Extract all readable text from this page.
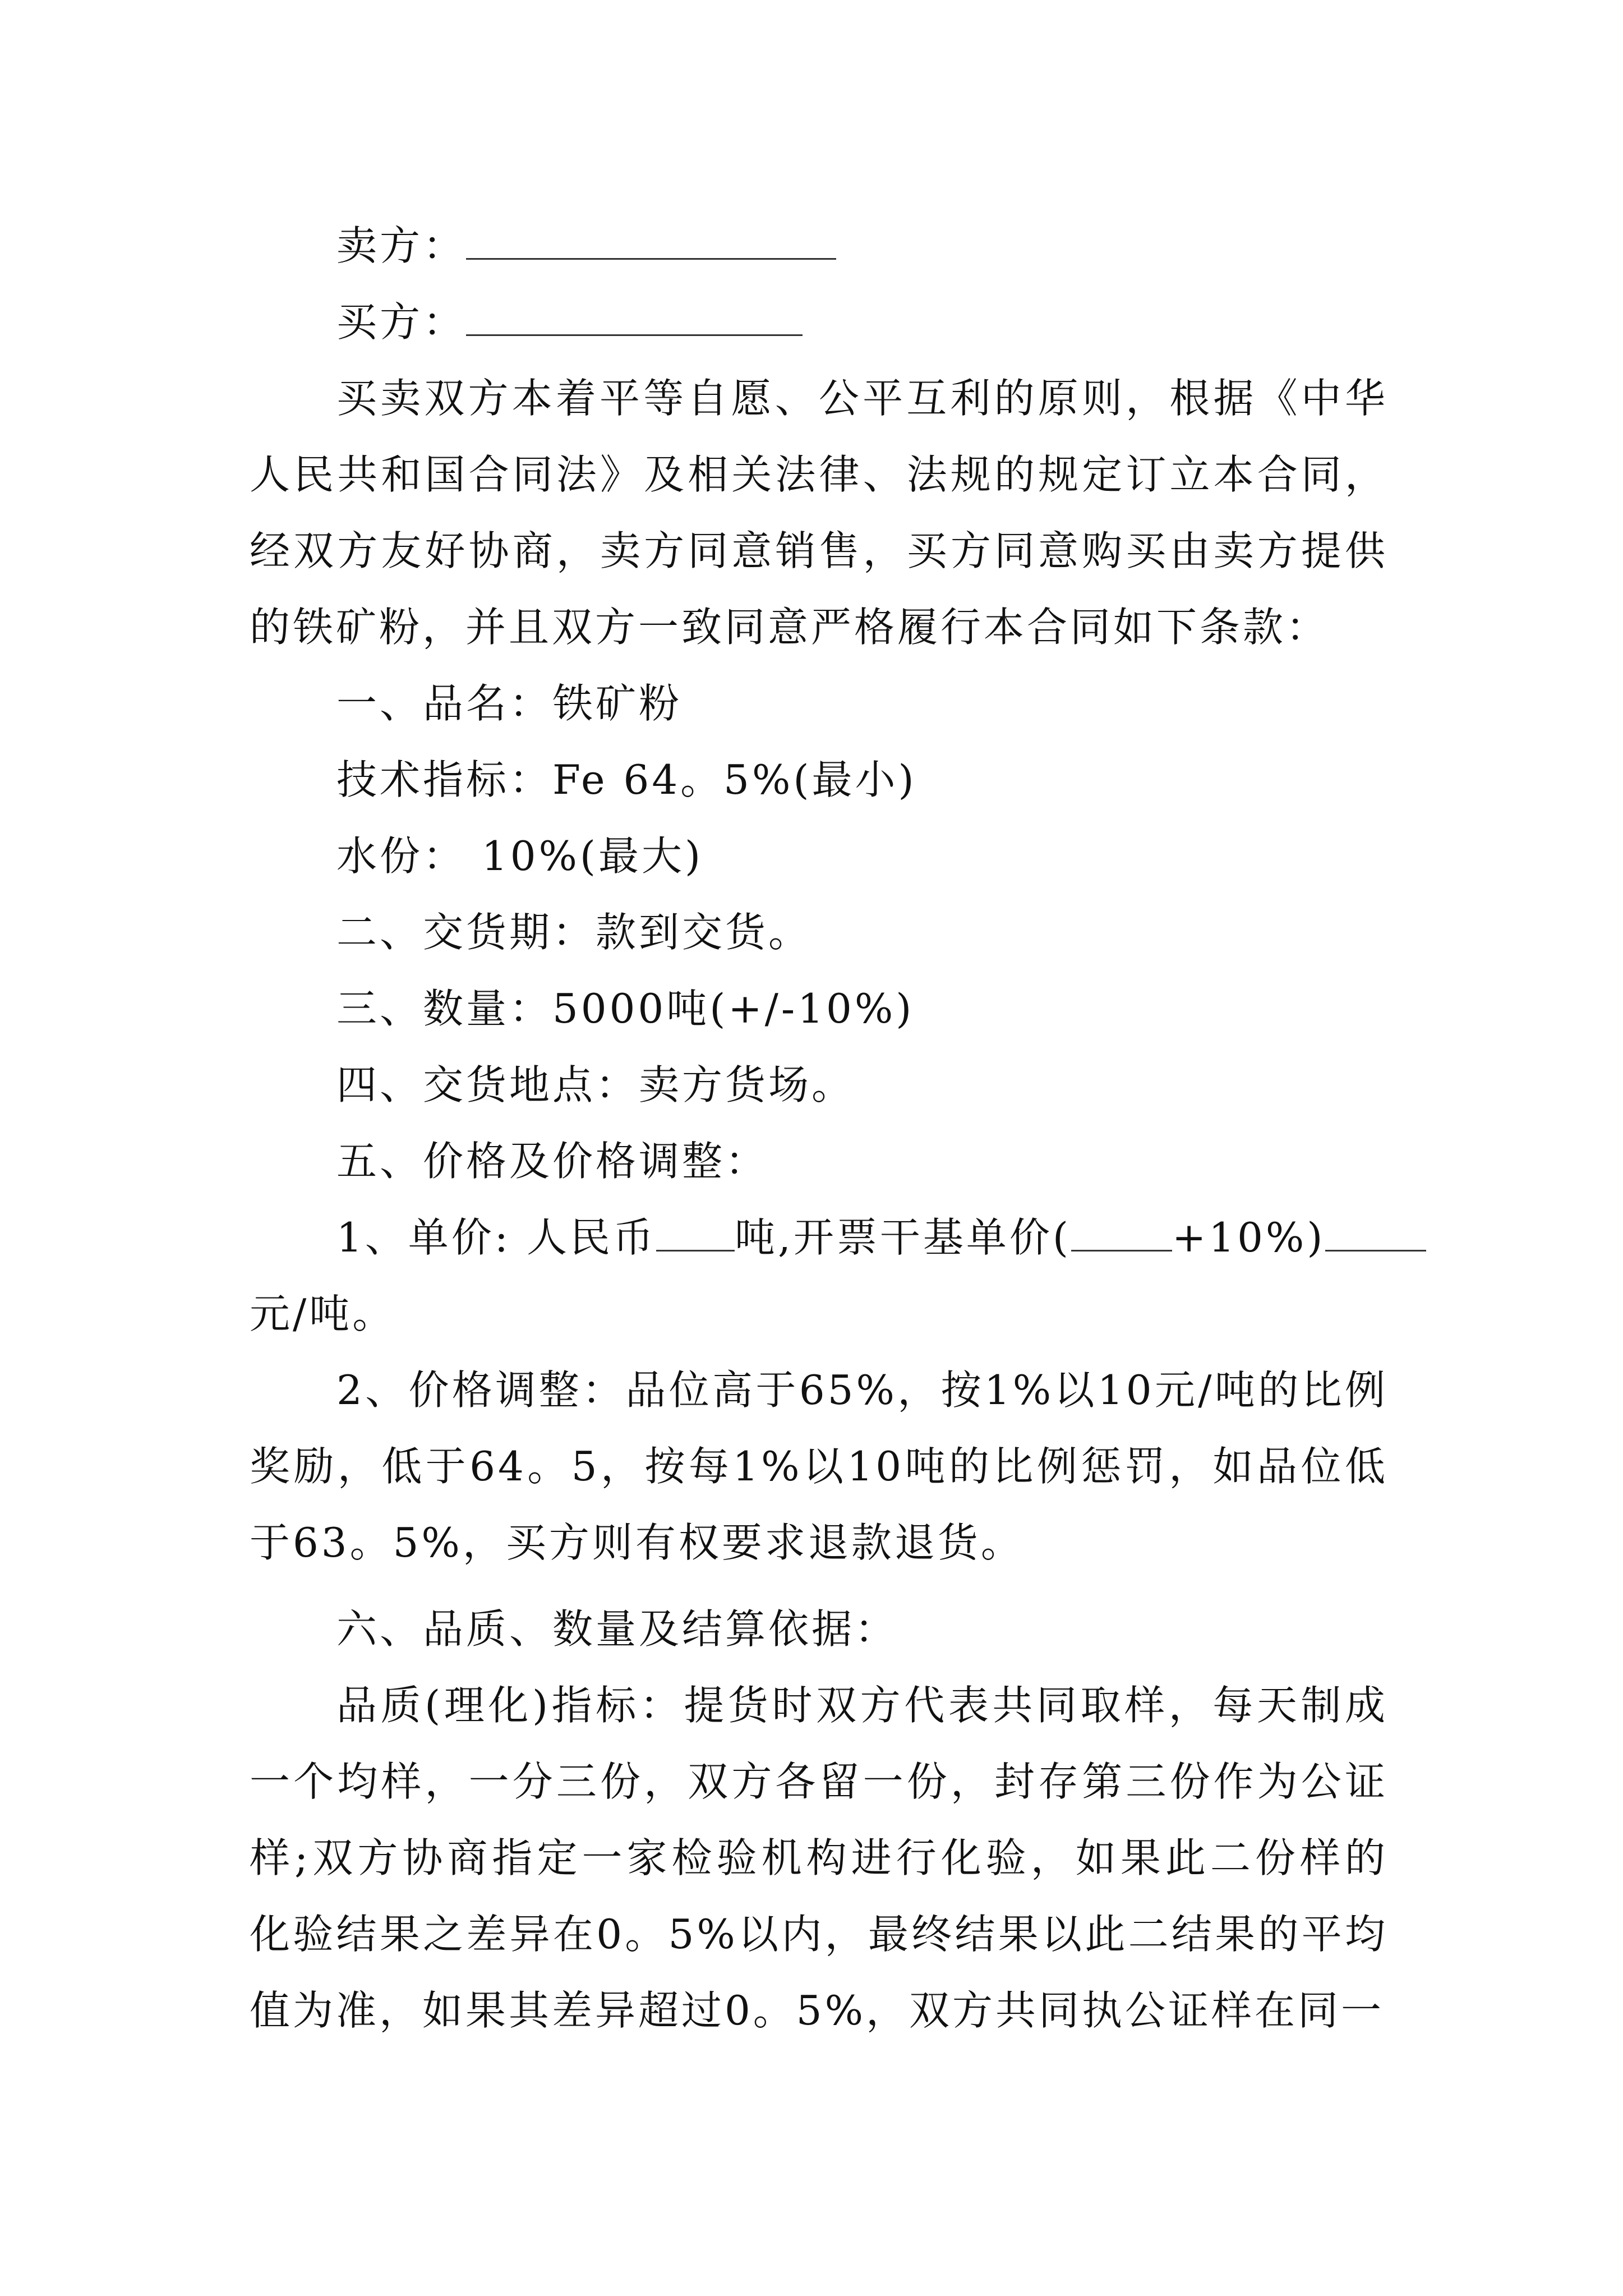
卖方：
买方：

买卖双方本着平等自愿、公平互利的原则，根据《中华人民共和国合同法》及相关法律、法规的规定订立本合同，经双方友好协商，卖方同意销售，买方同意购买由卖方提供的铁矿粉，并且双方一致同意严格履行本合同如下条款：

一、品名：铁矿粉
技术指标：Fe 64。5%(最小)
水份： 10%(最大)
二、交货期：款到交货。
三、数量：5000吨(+/-10%)
四、交货地点：卖方货场。
五、价格及价格调整：
1、单价: 人民币 吨,开票干基单价(	+10%)
元/吨。

2、价格调整：品位高于65%，按1%以10元/吨的比例奖励，低于64。5，按每1%以10吨的比例惩罚，如品位低于63。5%，买方则有权要求退款退货。

六、品质、数量及结算依据：

品质(理化)指标：提货时双方代表共同取样，每天制成一个均样，一分三份，双方各留一份，封存第三份作为公证样;双方协商指定一家检验机构进行化验，如果此二份样的化验结果之差异在0。5%以内，最终结果以此二结果的平均值为准，如果其差异超过0。5%，双方共同执公证样在同一
